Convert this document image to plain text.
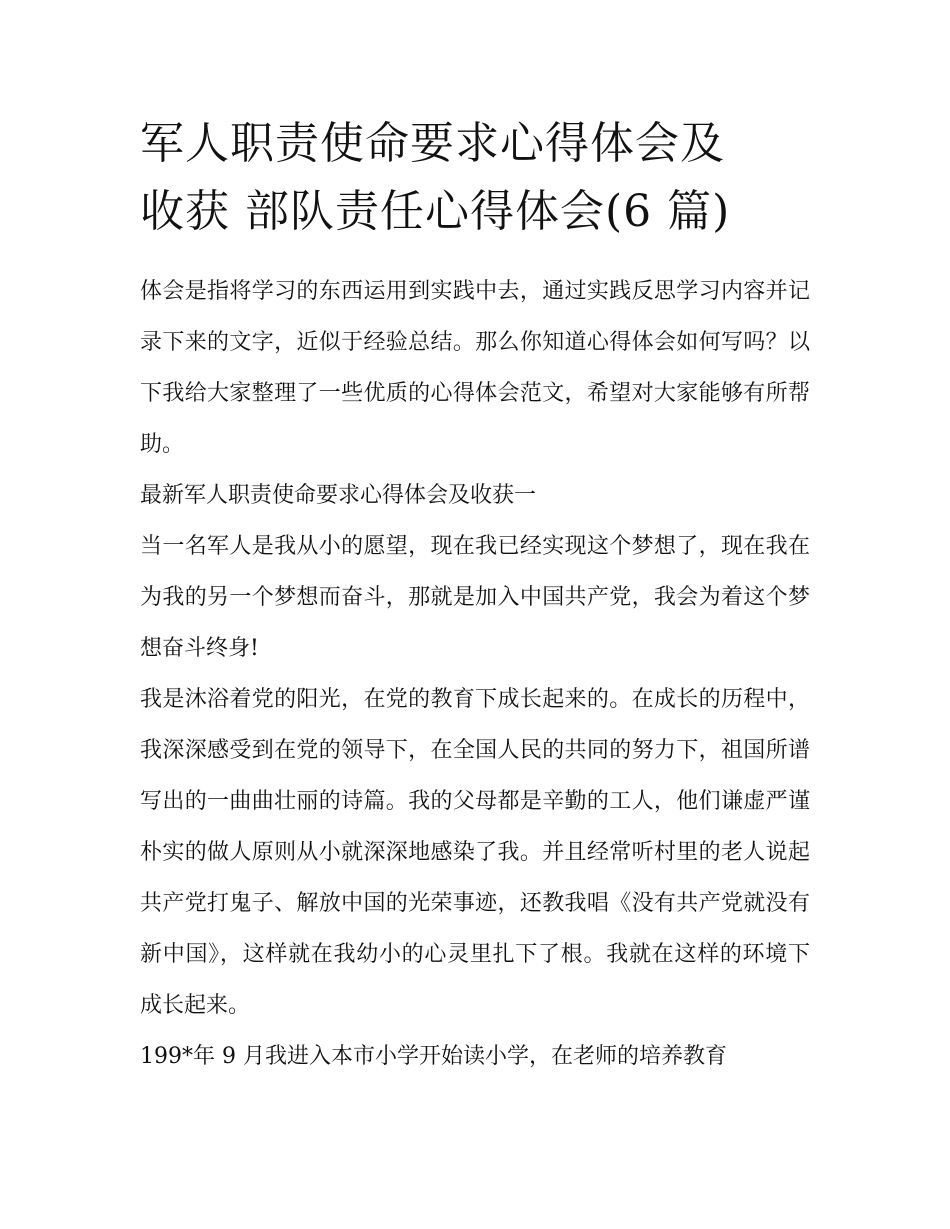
军人职责使命要求心得体会及
收获 部队责任心得体会(6 篇)

体会是指将学习的东西运用到实践中去，通过实践反思学习内容并记录下来的文字，近似于经验总结。那么你知道心得体会如何写吗？以下我给大家整理了一些优质的心得体会范文，希望对大家能够有所帮助。

最新军人职责使命要求心得体会及收获一

当一名军人是我从小的愿望，现在我已经实现这个梦想了，现在我在为我的另一个梦想而奋斗，那就是加入中国共产党，我会为着这个梦想奋斗终身!

我是沐浴着党的阳光，在党的教育下成长起来的。在成长的历程中，我深深感受到在党的领导下，在全国人民的共同的努力下，祖国所谱写出的一曲曲壮丽的诗篇。我的父母都是辛勤的工人，他们谦虚严谨朴实的做人原则从小就深深地感染了我。并且经常听村里的老人说起共产党打鬼子、解放中国的光荣事迹，还教我唱《没有共产党就没有新中国》，这样就在我幼小的心灵里扎下了根。我就在这样的环境下成长起来。

199*年 9 月我进入本市小学开始读小学，在老师的培养教育
